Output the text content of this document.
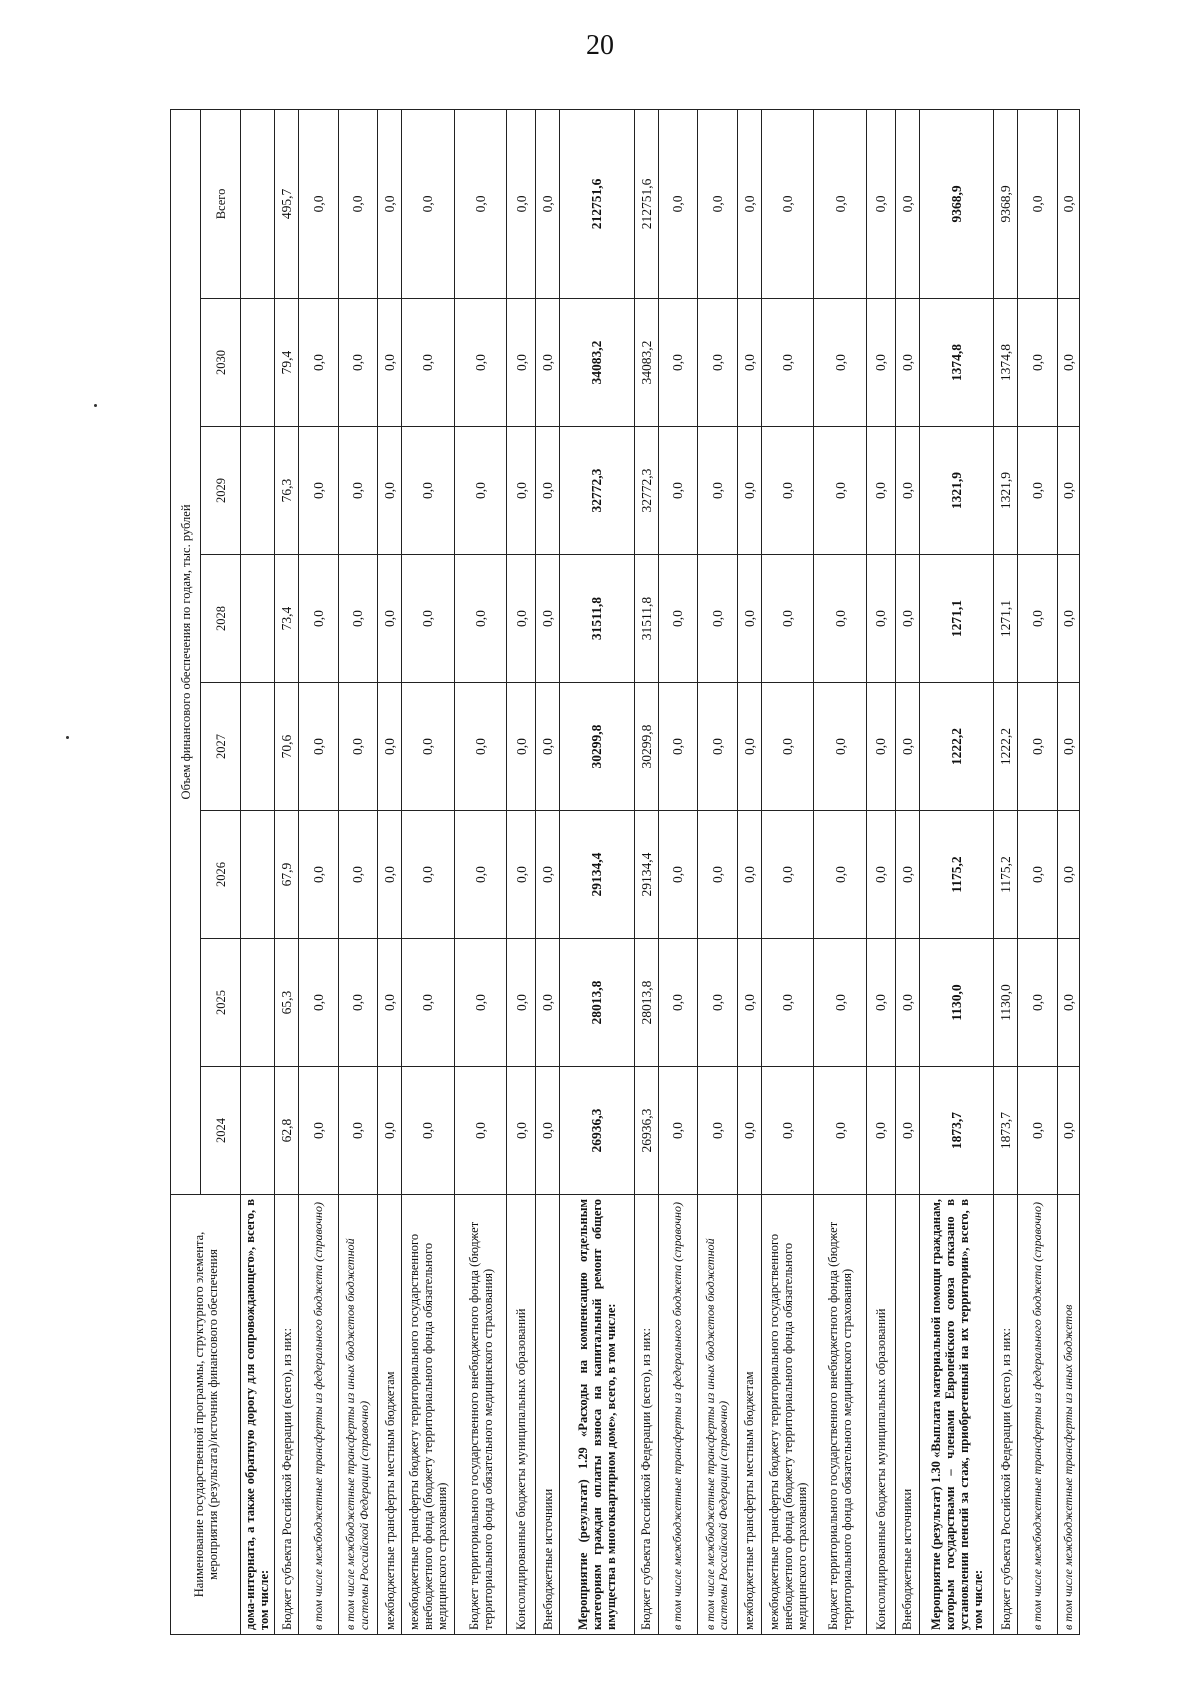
20
Наименование государственной программы, структурного элемента, мероприятия (результата)/источник финансового обеспечения	Объем финансового обеспечения по годам, тыс. рублей							
	2024	2025	2026	2027	2028	2029	2030	Всего
дома-интерната, а также обратную дорогу для сопровождающего», всего, в том числе:								
Бюджет субъекта Российской Федерации (всего), из них:	62,8	65,3	67,9	70,6	73,4	76,3	79,4	495,7
в том числе межбюджетные трансферты из федерального бюджета (справочно)	0,0	0,0	0,0	0,0	0,0	0,0	0,0	0,0
в том числе межбюджетные трансферты из иных бюджетов бюджетной системы Российской Федерации (справочно)	0,0	0,0	0,0	0,0	0,0	0,0	0,0	0,0
межбюджетные трансферты местным бюджетам	0,0	0,0	0,0	0,0	0,0	0,0	0,0	0,0
межбюджетные трансферты бюджету территориального государственного внебюджетного фонда (бюджету территориального фонда обязательного медицинского страхования)	0,0	0,0	0,0	0,0	0,0	0,0	0,0	0,0
Бюджет территориального государственного внебюджетного фонда (бюджет территориального фонда обязательного медицинского страхования)	0,0	0,0	0,0	0,0	0,0	0,0	0,0	0,0
Консолидированные бюджеты муниципальных образований	0,0	0,0	0,0	0,0	0,0	0,0	0,0	0,0
Внебюджетные источники	0,0	0,0	0,0	0,0	0,0	0,0	0,0	0,0
Мероприятие (результат) 1.29 «Расходы на компенсацию отдельным категориям граждан оплаты взноса на капитальный ремонт общего имущества в многоквартирном доме», всего, в том числе:	26936,3	28013,8	29134,4	30299,8	31511,8	32772,3	34083,2	212751,6
Бюджет субъекта Российской Федерации (всего), из них:	26936,3	28013,8	29134,4	30299,8	31511,8	32772,3	34083,2	212751,6
в том числе межбюджетные трансферты из федерального бюджета (справочно)	0,0	0,0	0,0	0,0	0,0	0,0	0,0	0,0
в том числе межбюджетные трансферты из иных бюджетов бюджетной системы Российской Федерации (справочно)	0,0	0,0	0,0	0,0	0,0	0,0	0,0	0,0
межбюджетные трансферты местным бюджетам	0,0	0,0	0,0	0,0	0,0	0,0	0,0	0,0
межбюджетные трансферты бюджету территориального государственного внебюджетного фонда (бюджету территориального фонда обязательного медицинского страхования)	0,0	0,0	0,0	0,0	0,0	0,0	0,0	0,0
Бюджет территориального государственного внебюджетного фонда (бюджет территориального фонда обязательного медицинского страхования)	0,0	0,0	0,0	0,0	0,0	0,0	0,0	0,0
Консолидированные бюджеты муниципальных образований	0,0	0,0	0,0	0,0	0,0	0,0	0,0	0,0
Внебюджетные источники	0,0	0,0	0,0	0,0	0,0	0,0	0,0	0,0
Мероприятие (результат) 1.30 «Выплата материальной помощи гражданам, которым государствами – членами Европейского союза отказано в установлении пенсий за стаж, приобретенный на их территории», всего, в том числе:	1873,7	1130,0	1175,2	1222,2	1271,1	1321,9	1374,8	9368,9
Бюджет субъекта Российской Федерации (всего), из них:	1873,7	1130,0	1175,2	1222,2	1271,1	1321,9	1374,8	9368,9
в том числе межбюджетные трансферты из федерального бюджета (справочно)	0,0	0,0	0,0	0,0	0,0	0,0	0,0	0,0
в том числе межбюджетные трансферты из иных бюджетов	0,0	0,0	0,0	0,0	0,0	0,0	0,0	0,0
